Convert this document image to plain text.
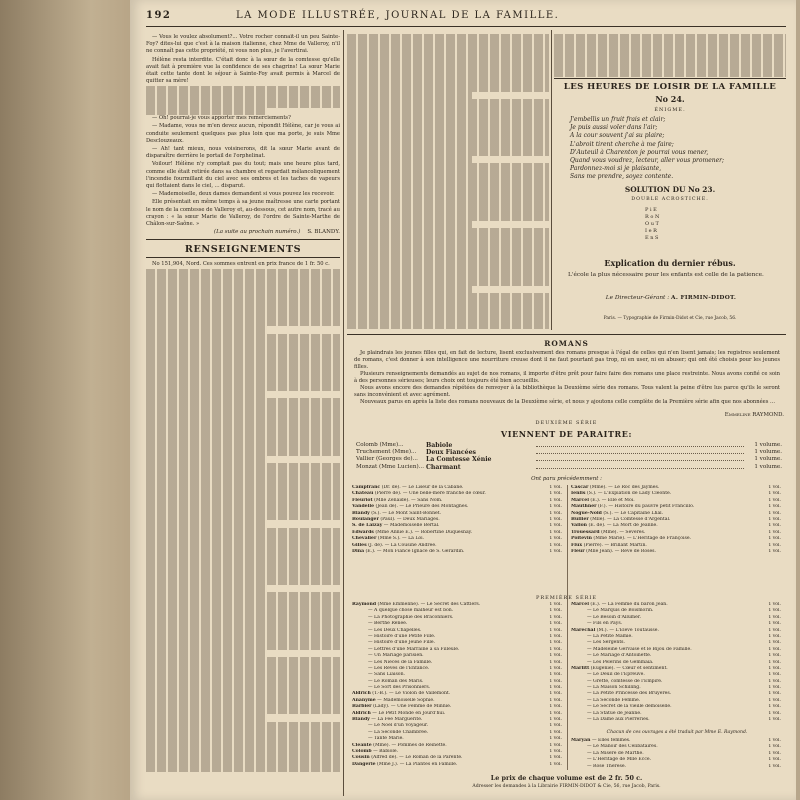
192	LA MODE ILLUSTRÉE, JOURNAL DE LA FAMILLE.

— Vous le voulez absolument?... Votre rocher connaît-il un peu Sainte-Foy? dites-lui que c'est à la maison italienne, chez Mme de Valleroy, n'il ne connaît pas cette propriété, ni vous non plus, je l'avertirai.

Hélène resta interdite. C'était donc à la sœur de la comtesse qu'elle avait fait à première vue la confidence de ses chagrins! La sœur Marie était cette tante dont le séjour à Sainte-Foy avait permis à Marcel de quitter sa mère!

— Oh! pourrai-je vous apporter mes remerciements?

— Madame, vous ne m'en devez aucun, répondit Hélène, car je vous ai conduite seulement quelques pas plus loin que ma porte, je suis Mme Desclouzeaux.

— Ah! tant mieux, nous voisinerons, dit la sœur Marie avant de disparaître derrière le portail de l'orphelinat.

Voilour! Hélène n'y comptait pas du tout; mais une heure plus tard, comme elle était retirée dans sa chambre et regardait mélancoliquement l'incendie fourmillant du ciel avec ses ombres et les taches de vapeurs qui flottaient dans le ciel, ... disparut.

— Mademoiselle, deux dames demandent si vous pouvez les recevoir.

Elle présentait en même temps à sa jeune maîtresse une carte portant le nom de la comtesse de Valleroy et, au-dessous, cet autre nom, tracé au crayon : « la sœur Marie de Valleroy, de l'ordre de Sainte-Marthe de Châlon-sur-Saône. »

(La suite au prochain numéro.) S. BLANDY.
RENSEIGNEMENTS

No 151,904, Nord. Ces sommes entrent en prix france de 1 fr. 50 c.

LES HEURES DE LOISIR DE LA FAMILLE
No 24.
ÉNIGME.
J'embellis un fruit frais et clair;
Je puis aussi voler dans l'air;
A la cour souvent j'ai su plaire;
L'abroit tirent cherche à me faire;
D'Auteuil à Charenton je pourrai vous mener,
Quand vous voudrez, lecteur, aller vous promener;
Pardonnez-moi si je plaisante,
Sans me prendre, soyez contente.
SOLUTION DU No 23.
DOUBLE ACROSTICHE.
P i E
R o N
O u T
I e R
E n S
Explication du dernier rébus.
L'école la plus nécessaire pour les enfants est celle de la patience.
Le Directeur-Gérant : A. FIRMIN-DIDOT.
Paris. — Typographie de Firmin-Didot et Cie, rue Jacob, 56.
ROMANS

Je plaindrais les jeunes filles qui, en fait de lecture, lisent exclusivement des romans presque à l'égal de celles qui n'en lisent jamais; les registres seulement de romans, c'est donner à son intelligence une nourriture creuse dont il ne faut pourtant pas trop, ni en user, ni en abuser; qui ont été choisis pour les jeunes filles.

Plusieurs renseignements demandés au sujet de nos romans, il importe d'être prêt pour faire faire des romans une place restreinte. Nous avons confié ce soin à des personnes sérieuses; leurs choix ont toujours été bien accueillis.

Nous avons encore des demandes répétées de renvoyer à la bibliothèque la Deuxième série des romans. Tous valent la peine d'être lus parce qu'ils le seront sans inconvénient et avec agrément.

Nouveaux parus en après la liste des romans nouveaux de la Deuxième série, et nous y ajoutons celle complète de la Première série afin que nos abonnées ...

Emmeline RAYMOND.
DEUXIÈME SÉRIE
VIENNENT DE PARAITRE:
Colomb (Mme)...	Babiole	1 volume.
Truchement (Mme)... Deux Fiancées	1 volume.
Vallier (Georges de)... La Comtesse Xénie	1 volume.
Monzat (Mme Lucien)... Charmant	1 volume.
Ont paru précédemment :
Campfranc (Dr. de). — Le Liseur de la Cabane.	1 vol.
Chateau (Pierre de). — Une belle-mère franche de cœur.	1 vol.
Fleuriot (Mlle Zénaïde). — Sans Nom.	1 vol.
Vandelle (Jean de). — Le Prieuré des Montagnes.	1 vol.
Blandy (S.). — Le Mont Saint-Bonnet.	1 vol.
Boulanger (Paul). — Deux Mariages.	1 vol.
S. de Laizay — Mademoiselle Bertal.	1 vol.
Edwards (Mme Annie E.). — Robertine Duquesnay.	1 vol.
Chevalier (Mme S.). — La Loi.	1 vol.
Gilles (J. de). — La Cousine Andrée.	1 vol.
Dina (E.). — Mon Fiancé Ignace de S. Gerardin.	1 vol.
Cascar (Mme). — Le Roc des Jaymes.	1 vol.
Ienlis (S.). — L'Expiation de Lady Cléonte.	1 vol.
Marcel (E.). — Elle et Moi.	1 vol.
Mauthner (F.). — Histoire du pauvre petit Francillo.	1 vol.
Nogue-Nold (S.). — Le Capitaine Lhal.	1 vol.
Bullier (Mlle). — La Comtesse d'Argental.	1 vol.
Vallon (E. de). — La Mort de Jeanne.	1 vol.
Trouessard (Mme). — Sévères.	1 vol.
Poitevin (Mme Marie). — L'Héritage de Françoise.	1 vol.
Flux (Pierre). — Brillant Martin.	1 vol.
Fleur (Mlle Jean). — Rêve de Roses.	1 vol.
PREMIÈRE SÉRIE
Raymond (Mme Emmeline). — Le Secret des Cattlers.	1 vol.
— A quelque chose malheur est bon.	1 vol.
— La Photographie des Braconniers.	1 vol.
— Berthe Renée.	1 vol.
— Les Deux Chapelles.	1 vol.
— Histoire d'une Petite Fille.	1 vol.
— Histoire d'une Jeune Fille.	1 vol.
— Lettres d'une Marraine à sa Filleule.	1 vol.
— Un Mariage parisien.	1 vol.
— Les Nièces de la Famille.	1 vol.
— Les Rêves de l'Enfance.	1 vol.
— Sans Liaison.	1 vol.
— Le Roman des Maris.	1 vol.
— Le Sort des Prisonniers.	1 vol.
Aldrich (T.-B.). — Le Violon de Vallemont.	1 vol.
Ananyme — Mademoiselle Sophie.	1 vol.
Barbier (Lady). — Une Femme de Minnie.	1 vol.
Aldrich — Le Petit Monde en Jourd'hui.	1 vol.
Blandy — La Fée Marguerite.	1 vol.
— Le Noël d'un Voyageur.	1 vol.
— La Seconde Chambrée.	1 vol.
— Tante Marie.	1 vol.
Cléante (Mme). — Pommes de Reinette.	1 vol.
Colomb — Babiole.	1 vol.
Cousin (Alfred de). — Le Roman de la Parenté.	1 vol.
Dangerle (Mme J.). — La Plantes en Famille.	1 vol.
Marcel (E.). — La Femme du baron Jean.	1 vol.
— Le Marquis de Boismorin.	1 vol.
— Le Besoin d'Allumer.	1 vol.
— Fils en Pays.	1 vol.
Maréchal (M.). — L'Élève Toutaussé.	1 vol.
— La Petite Mamie.	1 vol.
— Les Sergents.	1 vol.
— Madeleine Gervaise et le Bijou de Famille.	1 vol.
— Le Mariage d'Antoinette.	1 vol.
— Les Pèlerins de Gemmaia.	1 vol.
Marlitt (Eugénie). — Cœur et sentiment.	1 vol.
— Le Deuil de l'Épreuve.	1 vol.
— Grette, comtesse de l'Empire.	1 vol.
— La Maison Schilling.	1 vol.
— La Petite Princesse des Bruyères.	1 vol.
— La Seconde Femme.	1 vol.
— Le Secret de la vieille demoiselle.	1 vol.
— La Statue de Jeanne.	1 vol.
— La Dame aux Pierreries.	1 vol.
Chacun de ces ouvrages a été traduit par Mme E. Raymond.
Maryan — Elles femmes.	1 vol.
— Le Manoir des Célibataires.	1 vol.
— La Misère de Marthe.	1 vol.
— L'Héritage de Mlle Ecce.	1 vol.
— Rose Thérèse.	1 vol.
Le prix de chaque volume est de 2 fr. 50 c.
Adresser les demandes à la Librairie FIRMIN-DIDOT & Cie, 56, rue Jacob, Paris.
